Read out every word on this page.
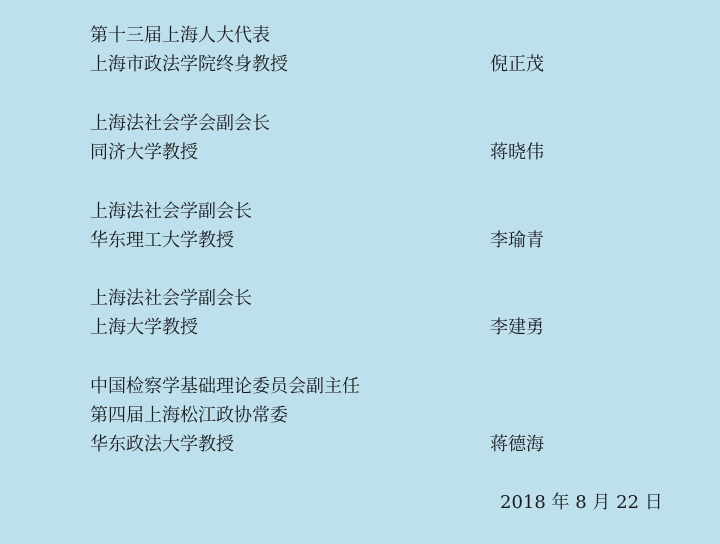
第十三届上海人大代表
上海市政法学院终身教授	倪正茂
上海法社会学会副会长
同济大学教授	蒋晓伟
上海法社会学副会长
华东理工大学教授	李瑜青
上海法社会学副会长
上海大学教授	李建勇
中国检察学基础理论委员会副主任
第四届上海松江政协常委
华东政法大学教授	蒋德海
2018 年 8 月 22 日
